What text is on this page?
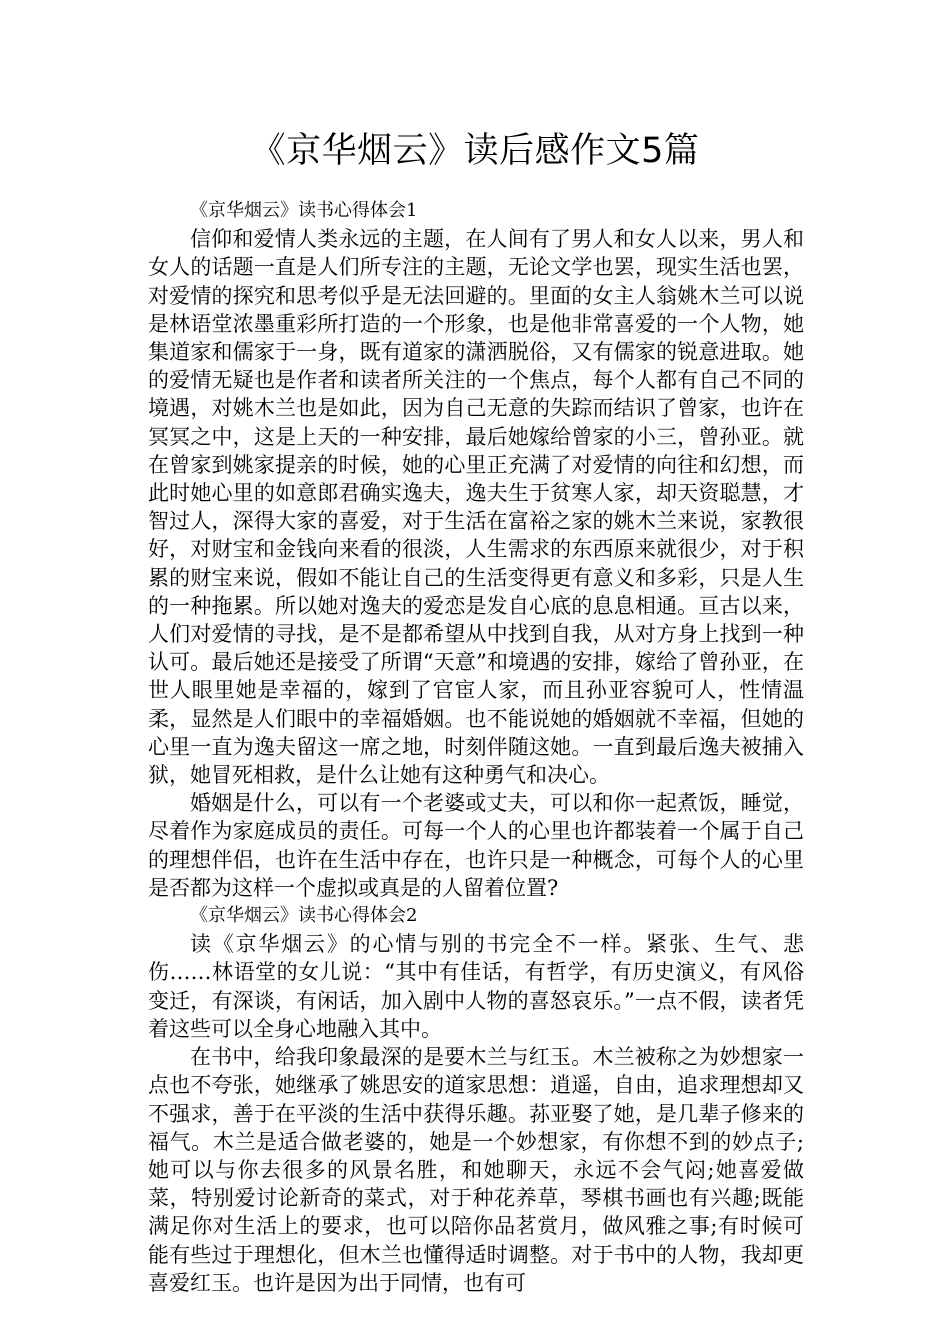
《京华烟云》读后感作文5篇

《京华烟云》读书心得体会1

信仰和爱情人类永远的主题，在人间有了男人和女人以来，男人和女人的话题一直是人们所专注的主题，无论文学也罢，现实生活也罢，对爱情的探究和思考似乎是无法回避的。里面的女主人翁姚木兰可以说是林语堂浓墨重彩所打造的一个形象，也是他非常喜爱的一个人物，她集道家和儒家于一身，既有道家的潇洒脱俗，又有儒家的锐意进取。她的爱情无疑也是作者和读者所关注的一个焦点，每个人都有自己不同的境遇，对姚木兰也是如此，因为自己无意的失踪而结识了曾家，也许在冥冥之中，这是上天的一种安排，最后她嫁给曾家的小三，曾孙亚。就在曾家到姚家提亲的时候，她的心里正充满了对爱情的向往和幻想，而此时她心里的如意郎君确实逸夫，逸夫生于贫寒人家，却天资聪慧，才智过人，深得大家的喜爱，对于生活在富裕之家的姚木兰来说，家教很好，对财宝和金钱向来看的很淡，人生需求的东西原来就很少，对于积累的财宝来说，假如不能让自己的生活变得更有意义和多彩，只是人生的一种拖累。所以她对逸夫的爱恋是发自心底的息息相通。亘古以来，人们对爱情的寻找，是不是都希望从中找到自我，从对方身上找到一种认可。最后她还是接受了所谓“天意”和境遇的安排，嫁给了曾孙亚，在世人眼里她是幸福的，嫁到了官宦人家，而且孙亚容貌可人，性情温柔，显然是人们眼中的幸福婚姻。也不能说她的婚姻就不幸福，但她的心里一直为逸夫留这一席之地，时刻伴随这她。一直到最后逸夫被捕入狱，她冒死相救，是什么让她有这种勇气和决心。

婚姻是什么，可以有一个老婆或丈夫，可以和你一起煮饭，睡觉，尽着作为家庭成员的责任。可每一个人的心里也许都装着一个属于自己的理想伴侣，也许在生活中存在，也许只是一种概念，可每个人的心里是否都为这样一个虚拟或真是的人留着位置?

《京华烟云》读书心得体会2

读《京华烟云》的心情与别的书完全不一样。紧张、生气、悲伤……林语堂的女儿说：“其中有佳话，有哲学，有历史演义，有风俗变迁，有深谈，有闲话，加入剧中人物的喜怒哀乐。”一点不假，读者凭着这些可以全身心地融入其中。

在书中，给我印象最深的是要木兰与红玉。木兰被称之为妙想家一点也不夸张，她继承了姚思安的道家思想：逍遥，自由，追求理想却又不强求，善于在平淡的生活中获得乐趣。荪亚娶了她，是几辈子修来的福气。木兰是适合做老婆的，她是一个妙想家，有你想不到的妙点子;她可以与你去很多的风景名胜，和她聊天，永远不会气闷;她喜爱做菜，特别爱讨论新奇的菜式，对于种花养草，琴棋书画也有兴趣;既能满足你对生活上的要求，也可以陪你品茗赏月，做风雅之事;有时候可能有些过于理想化，但木兰也懂得适时调整。对于书中的人物，我却更喜爱红玉。也许是因为出于同情，也有可
